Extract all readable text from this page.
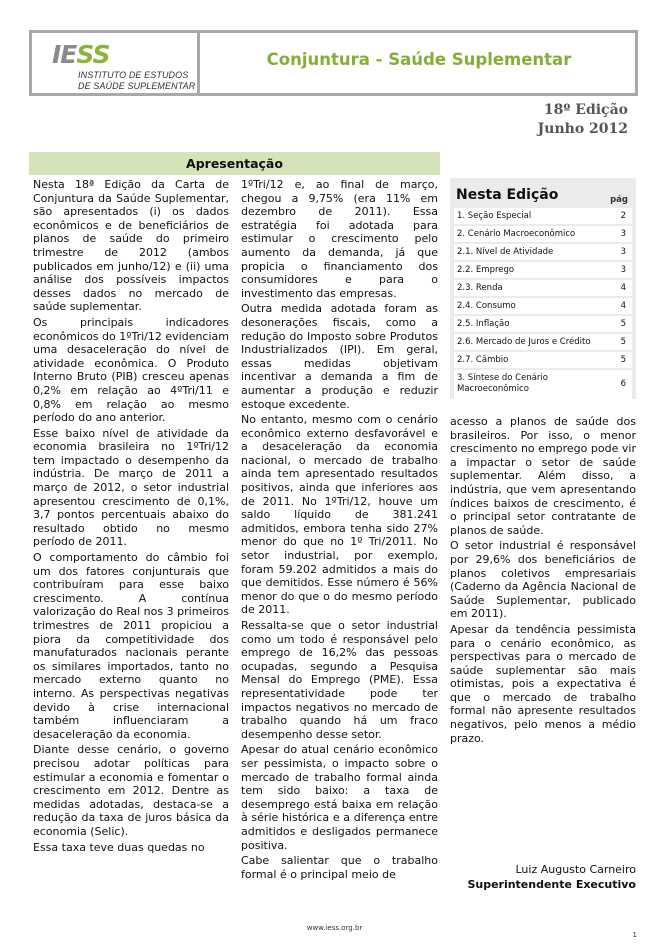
IESS
INSTITUTO DE ESTUDOS
DE SAÚDE SUPLEMENTAR
Conjuntura - Saúde Suplementar
18º Edição
Junho 2012
Apresentação

Nesta 18ª Edição da Carta de Conjuntura da Saúde Suplementar, são apresentados (i) os dados econômicos e de beneficiários de planos de saúde do primeiro trimestre de 2012 (ambos publicados em junho/12) e (ii) uma análise dos possíveis impactos desses dados no mercado de saúde suplementar.

Os principais indicadores econômicos do 1ºTri/12 evidenciam uma desaceleração do nível de atividade econômica. O Produto Interno Bruto (PIB) cresceu apenas 0,2% em relação ao 4ºTri/11 e 0,8% em relação ao mesmo período do ano anterior.

Esse baixo nível de atividade da economia brasileira no 1ºTri/12 tem impactado o desempenho da indústria. De março de 2011 a março de 2012, o setor industrial apresentou crescimento de 0,1%, 3,7 pontos percentuais abaixo do resultado obtido no mesmo período de 2011.

O comportamento do câmbio foi um dos fatores conjunturais que contribuíram para esse baixo crescimento. A contínua valorização do Real nos 3 primeiros trimestres de 2011 propiciou a piora da competitividade dos manufaturados nacionais perante os similares importados, tanto no mercado externo quanto no interno. As perspectivas negativas devido à crise internacional também influenciaram a desaceleração da economia.

Diante desse cenário, o governo precisou adotar políticas para estimular a economia e fomentar o crescimento em 2012. Dentre as medidas adotadas, destaca-se a redução da taxa de juros básica da economia (Selic).

Essa taxa teve duas quedas no

1ºTri/12 e, ao final de março, chegou a 9,75% (era 11% em dezembro de 2011). Essa estratégia foi adotada para estimular o crescimento pelo aumento da demanda, já que propicia o financiamento dos consumidores e para o investimento das empresas.

Outra medida adotada foram as desonerações fiscais, como a redução do Imposto sobre Produtos Industrializados (IPI). Em geral, essas medidas objetivam incentivar a demanda a fim de aumentar a produção e reduzir estoque excedente.

No entanto, mesmo com o cenário econômico externo desfavorável e a desaceleração da economia nacional, o mercado de trabalho ainda tem apresentado resultados positivos, ainda que inferiores aos de 2011. No 1ºTri/12, houve um saldo líquido de 381.241 admitidos, embora tenha sido 27% menor do que no 1º Tri/2011. No setor industrial, por exemplo, foram 59.202 admitidos a mais do que demitidos. Esse número é 56% menor do que o do mesmo período de 2011.

Ressalta-se que o setor industrial como um todo é responsável pelo emprego de 16,2% das pessoas ocupadas, segundo a Pesquisa Mensal do Emprego (PME). Essa representatividade pode ter impactos negativos no mercado de trabalho quando há um fraco desempenho desse setor.

Apesar do atual cenário econômico ser pessimista, o impacto sobre o mercado de trabalho formal ainda tem sido baixo: a taxa de desemprego está baixa em relação à série histórica e a diferença entre admitidos e desligados permanece positiva.

Cabe salientar que o trabalho formal é o principal meio de

Nesta Edição	pág
1. Seção Especial	2
2. Cenário Macroeconômico	3
2.1. Nível de Atividade	3
2.2. Emprego	3
2.3. Renda	4
2.4. Consumo	4
2.5. Inflação	5
2.6. Mercado de Juros e Crédito	5
2.7. Câmbio	5
3. Síntese do Cenário Macroeconômico	6

acesso a planos de saúde dos brasileiros. Por isso, o menor crescimento no emprego pode vir a impactar o setor de saúde suplementar. Além disso, a indústria, que vem apresentando índices baixos de crescimento, é o principal setor contratante de planos de saúde.

O setor industrial é responsável por 29,6% dos beneficiários de planos coletivos empresariais (Caderno da Agência Nacional de Saúde Suplementar, publicado em 2011).

Apesar da tendência pessimista para o cenário econômico, as perspectivas para o mercado de saúde suplementar são mais otimistas, pois a expectativa é que o mercado de trabalho formal não apresente resultados negativos, pelo menos a médio prazo.

Luiz Augusto Carneiro
Superintendente Executivo
www.iess.org.br
1
